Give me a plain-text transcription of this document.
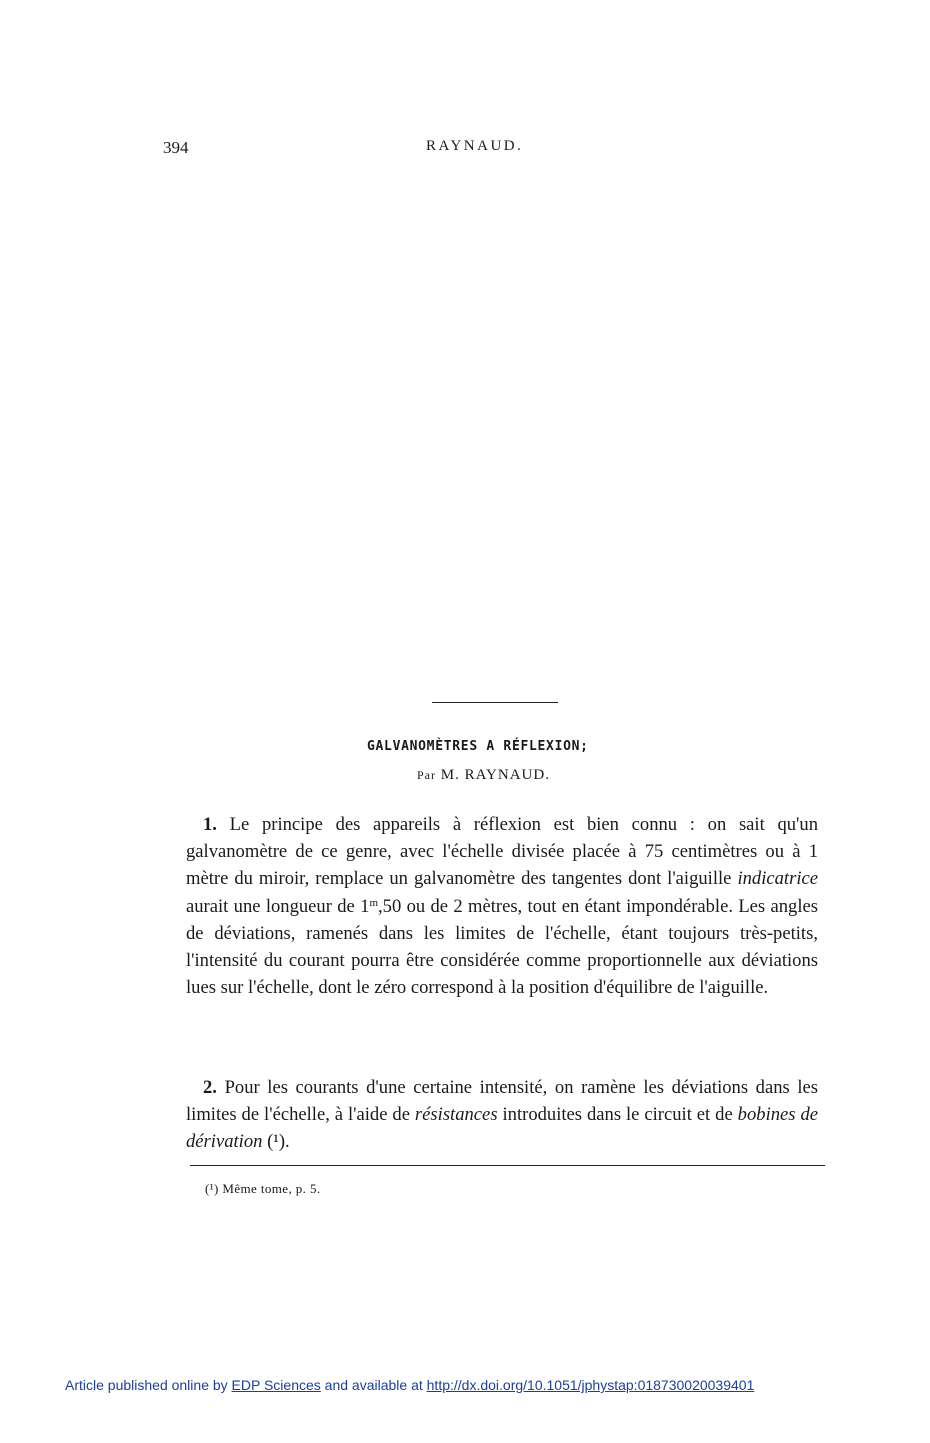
394	RAYNAUD.
GALVANOMÈTRES A RÉFLEXION;
Par M. RAYNAUD.

1. Le principe des appareils à réflexion est bien connu : on sait qu'un galvanomètre de ce genre, avec l'échelle divisée placée à 75 centimètres ou à 1 mètre du miroir, remplace un galvanomètre des tangentes dont l'aiguille indicatrice aurait une longueur de 1$^m$,50 ou de 2 mètres, tout en étant impondérable. Les angles de déviations, ramenés dans les limites de l'échelle, étant toujours très-petits, l'intensité du courant pourra être considérée comme proportionnelle aux déviations lues sur l'échelle, dont le zéro correspond à la position d'équilibre de l'aiguille.

2. Pour les courants d'une certaine intensité, on ramène les déviations dans les limites de l'échelle, à l'aide de résistances introduites dans le circuit et de bobines de dérivation (¹).

(¹) Même tome, p. 5.
Article published online by EDP Sciences and available at http://dx.doi.org/10.1051/jphystap:018730020039401
